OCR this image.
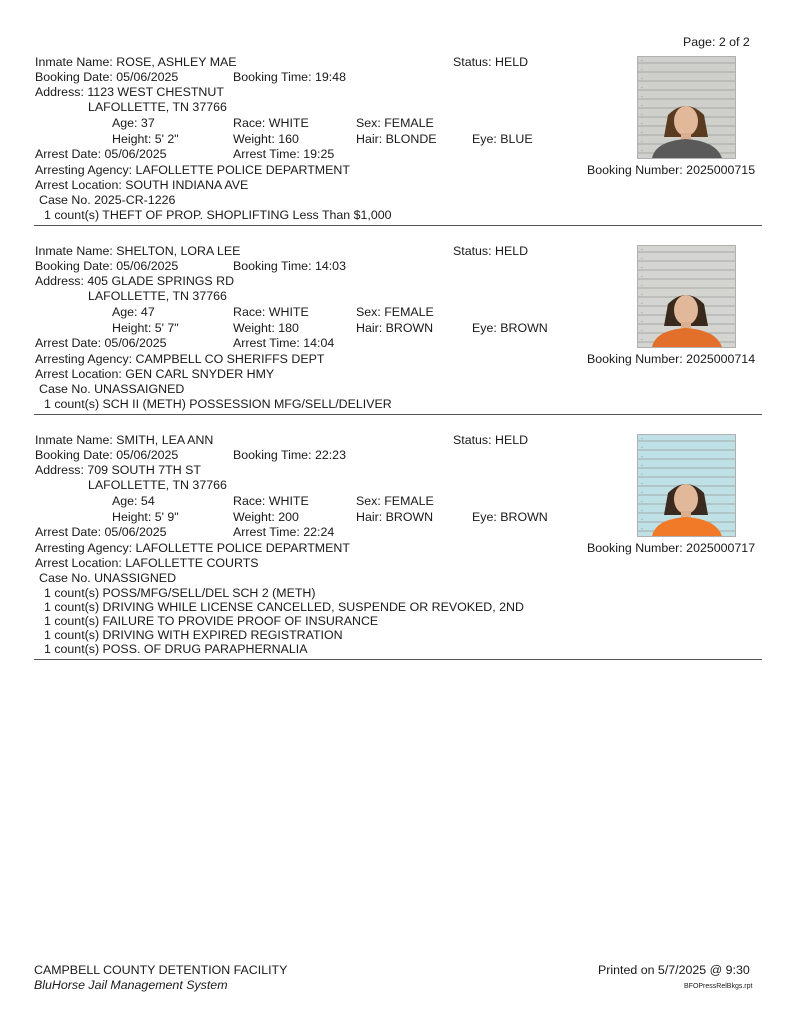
Page: 2 of 2
Inmate Name: ROSE, ASHLEY MAE	Status: HELD
Booking Date: 05/06/2025	Booking Time: 19:48
Address: 1123 WEST CHESTNUT
LAFOLLETTE, TN 37766
Age: 37	Race: WHITE	Sex: FEMALE
Height: 5' 2"	Weight: 160	Hair: BLONDE	Eye: BLUE
Arrest Date: 05/06/2025	Arrest Time: 19:25
Arresting Agency: LAFOLLETTE POLICE DEPARTMENT	Booking Number: 2025000715
Arrest Location: SOUTH INDIANA AVE
Case No. 2025-CR-1226
1 count(s) THEFT OF PROP. SHOPLIFTING Less Than $1,000
-
-
-
-
-
-
-
-
-
-
-
Inmate Name: SHELTON, LORA LEE	Status: HELD
Booking Date: 05/06/2025	Booking Time: 14:03
Address: 405 GLADE SPRINGS RD
LAFOLLETTE, TN 37766
Age: 47	Race: WHITE	Sex: FEMALE
Height: 5' 7"	Weight: 180	Hair: BROWN	Eye: BROWN
Arrest Date: 05/06/2025	Arrest Time: 14:04
Arresting Agency: CAMPBELL CO SHERIFFS DEPT	Booking Number: 2025000714
Arrest Location: GEN CARL SNYDER HMY
Case No. UNASSAIGNED
1 count(s) SCH II (METH) POSSESSION MFG/SELL/DELIVER
-
-
-
-
-
-
-
-
-
-
-
Inmate Name: SMITH, LEA ANN	Status: HELD
Booking Date: 05/06/2025	Booking Time: 22:23
Address: 709 SOUTH 7TH ST
LAFOLLETTE, TN 37766
Age: 54	Race: WHITE	Sex: FEMALE
Height: 5' 9"	Weight: 200	Hair: BROWN	Eye: BROWN
Arrest Date: 05/06/2025	Arrest Time: 22:24
Arresting Agency: LAFOLLETTE POLICE DEPARTMENT	Booking Number: 2025000717
Arrest Location: LAFOLLETTE COURTS
Case No. UNASSIGNED
1 count(s) POSS/MFG/SELL/DEL SCH 2 (METH)
1 count(s) DRIVING WHILE LICENSE CANCELLED, SUSPENDE OR REVOKED, 2ND
1 count(s) FAILURE TO PROVIDE PROOF OF INSURANCE
1 count(s) DRIVING WITH EXPIRED REGISTRATION
1 count(s) POSS. OF DRUG PARAPHERNALIA
-
-
-
-
-
-
-
-
-
-
-
CAMPBELL COUNTY DETENTION FACILITY
BluHorse Jail Management System
Printed on 5/7/2025 @ 9:30
BFOPressRelBkgs.rpt
